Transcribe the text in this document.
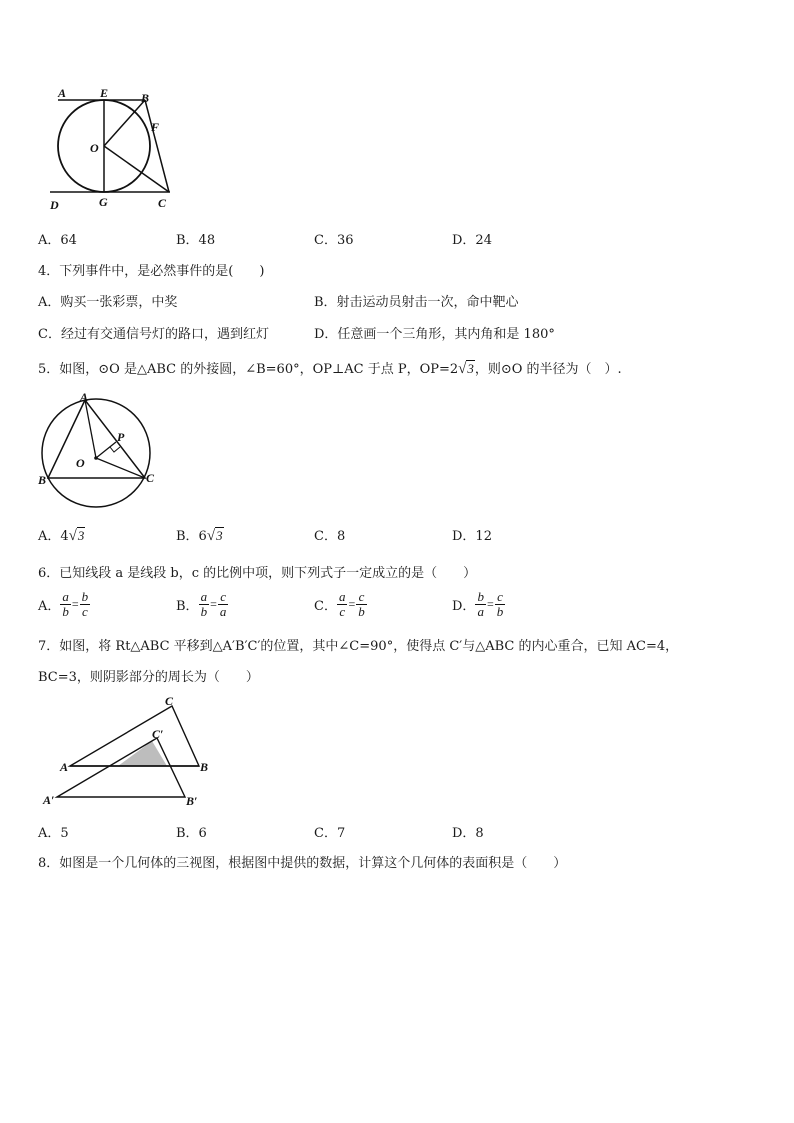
A	E	B
F
O
D	G	C
A．64	B．48	C．36	D．24
4．下列事件中，是必然事件的是(　　)
A．购买一张彩票，中奖	B．射击运动员射击一次，命中靶心
C．经过有交通信号灯的路口，遇到红灯	D．任意画一个三角形，其内角和是 180°
5．如图，⊙O 是△ABC 的外接圆，∠B=60°，OP⊥AC 于点 P，OP=2√3，则⊙O 的半径为（　）.
A
P
O
B	C
A．4√3	B．6√3	C．8	D．12
6．已知线段 a 是线段 b，c 的比例中项，则下列式子一定成立的是（　　）
A． $\frac{a}{b} = \frac{b}{c}$	B． $\frac{a}{b} = \frac{c}{a}$	C． $\frac{a}{c} = \frac{c}{b}$	D． $\frac{b}{a} = \frac{c}{b}$
7．如图，将 Rt△ABC 平移到△A′B′C′的位置，其中∠C=90°，使得点 C′与△ABC 的内心重合，已知 AC=4，
BC=3，则阴影部分的周长为（　　）
C
C′
A	B
A′	B′
A．5	B．6	C．7	D．8
8．如图是一个几何体的三视图，根据图中提供的数据，计算这个几何体的表面积是（　　）
